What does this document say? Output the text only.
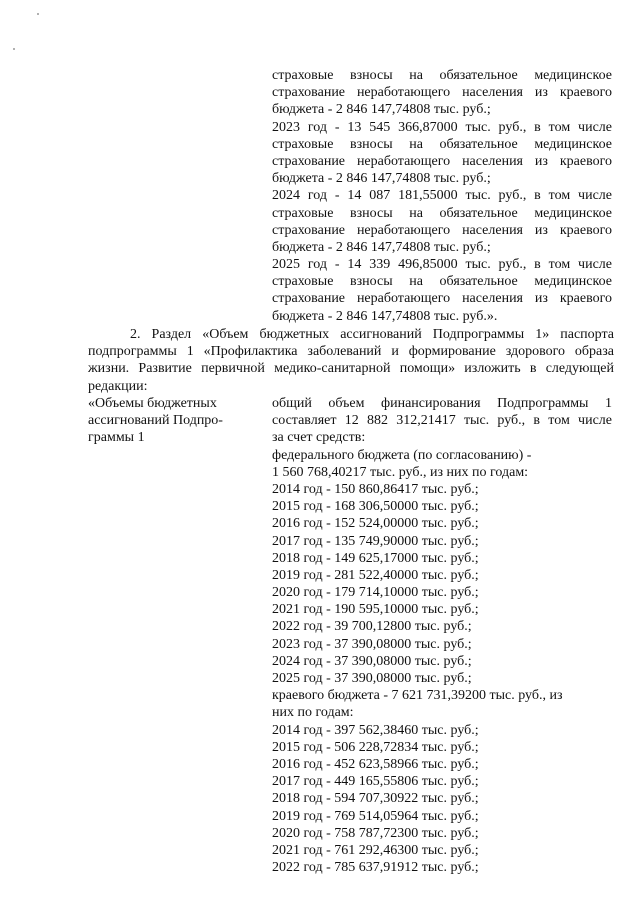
страховые взносы на обязательное медицинское
страхование неработающего населения из краевого
бюджета - 2 846 147,74808 тыс. руб.;
2023 год - 13 545 366,87000 тыс. руб., в том числе
страховые взносы на обязательное медицинское
страхование неработающего населения из краевого
бюджета - 2 846 147,74808 тыс. руб.;
2024 год - 14 087 181,55000 тыс. руб., в том числе
страховые взносы на обязательное медицинское
страхование неработающего населения из краевого
бюджета - 2 846 147,74808 тыс. руб.;
2025 год - 14 339 496,85000 тыс. руб., в том числе
страховые взносы на обязательное медицинское
страхование неработающего населения из краевого
бюджета - 2 846 147,74808 тыс. руб.».
2. Раздел «Объем бюджетных ассигнований Подпрограммы 1» паспорта
подпрограммы 1 «Профилактика заболеваний и формирование здорового образа
жизни. Развитие первичной медико-санитарной помощи» изложить в следующей
редакции:
«Объемы бюджетных
ассигнований Подпро-
граммы 1
общий объем финансирования Подпрограммы 1
составляет 12 882 312,21417 тыс. руб., в том числе
за счет средств:
федерального бюджета (по согласованию) -
1 560 768,40217 тыс. руб., из них по годам:
2014 год - 150 860,86417 тыс. руб.;
2015 год - 168 306,50000 тыс. руб.;
2016 год - 152 524,00000 тыс. руб.;
2017 год - 135 749,90000 тыс. руб.;
2018 год - 149 625,17000 тыс. руб.;
2019 год - 281 522,40000 тыс. руб.;
2020 год - 179 714,10000 тыс. руб.;
2021 год - 190 595,10000 тыс. руб.;
2022 год - 39 700,12800 тыс. руб.;
2023 год - 37 390,08000 тыс. руб.;
2024 год - 37 390,08000 тыс. руб.;
2025 год - 37 390,08000 тыс. руб.;
краевого бюджета - 7 621 731,39200 тыс. руб., из
них по годам:
2014 год - 397 562,38460 тыс. руб.;
2015 год - 506 228,72834 тыс. руб.;
2016 год - 452 623,58966 тыс. руб.;
2017 год - 449 165,55806 тыс. руб.;
2018 год - 594 707,30922 тыс. руб.;
2019 год - 769 514,05964 тыс. руб.;
2020 год - 758 787,72300 тыс. руб.;
2021 год - 761 292,46300 тыс. руб.;
2022 год - 785 637,91912 тыс. руб.;
